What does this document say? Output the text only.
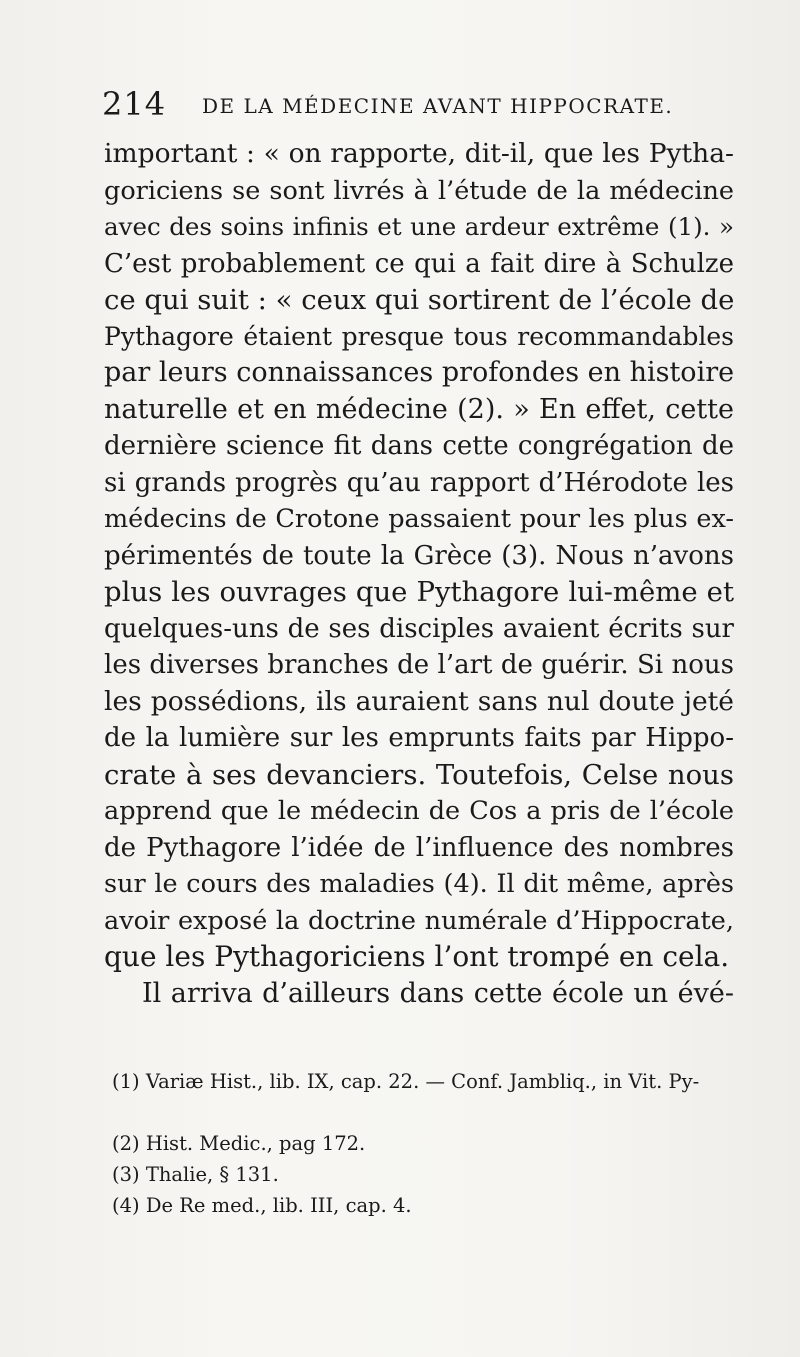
214 DE LA MÉDECINE AVANT HIPPOCRATE.
important : « on rapporte, dit-il, que les Pytha-
goriciens se sont livrés à l’étude de la médecine
avec des soins infinis et une ardeur extrême (1). »
C’est probablement ce qui a fait dire à Schulze
ce qui suit : « ceux qui sortirent de l’école de
Pythagore étaient presque tous recommandables
par leurs connaissances profondes en histoire
naturelle et en médecine (2). » En effet, cette
dernière science fit dans cette congrégation de
si grands progrès qu’au rapport d’Hérodote les
médecins de Crotone passaient pour les plus ex-
périmentés de toute la Grèce (3). Nous n’avons
plus les ouvrages que Pythagore lui-même et
quelques-uns de ses disciples avaient écrits sur
les diverses branches de l’art de guérir. Si nous
les possédions, ils auraient sans nul doute jeté
de la lumière sur les emprunts faits par Hippo-
crate à ses devanciers. Toutefois, Celse nous
apprend que le médecin de Cos a pris de l’école
de Pythagore l’idée de l’influence des nombres
sur le cours des maladies (4). Il dit même, après
avoir exposé la doctrine numérale d’Hippocrate,
que les Pythagoriciens l’ont trompé en cela.
Il arriva d’ailleurs dans cette école un évé-
(1) Variæ Hist., lib. IX, cap. 22. — Conf. Jambliq., in Vit. Py-
(2) Hist. Medic., pag 172.
(3) Thalie, § 131.
(4) De Re med., lib. III, cap. 4.
